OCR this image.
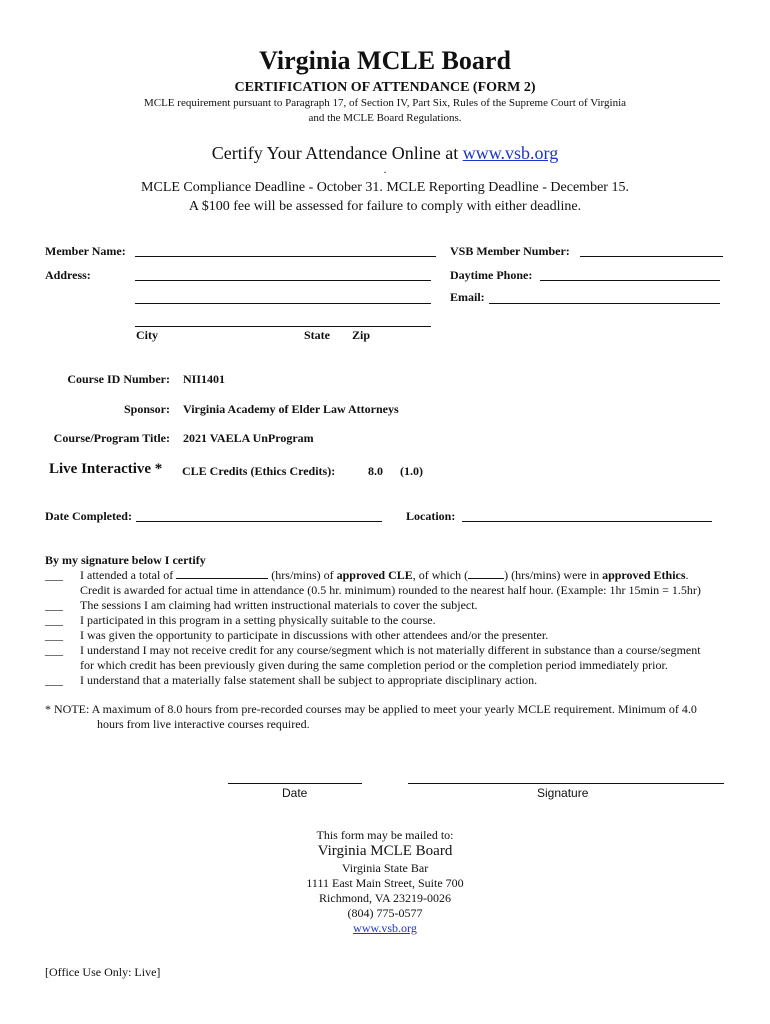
Virginia MCLE Board
CERTIFICATION OF ATTENDANCE (FORM 2)
MCLE requirement pursuant to Paragraph 17, of Section IV, Part Six, Rules of the Supreme Court of Virginia
and the MCLE Board Regulations.
Certify Your Attendance Online at www.vsb.org
.
MCLE Compliance Deadline - October 31. MCLE Reporting Deadline - December 15.
A $100 fee will be assessed for failure to comply with either deadline.
Member Name:	VSB Member Number:
Address:	Daytime Phone:
Email:
City	State Zip
Course ID Number: NII1401
Sponsor: Virginia Academy of Elder Law Attorneys
Course/Program Title: 2021 VAELA UnProgram
Live Interactive * CLE Credits (Ethics Credits):	8.0 (1.0)
Date Completed:	Location:
By my signature below I certify
___ I attended a total of	(hrs/mins) of approved CLE, of which (	) (hrs/mins) were in approved Ethics.
Credit is awarded for actual time in attendance (0.5 hr. minimum) rounded to the nearest half hour. (Example: 1hr 15min = 1.5hr)
___ The sessions I am claiming had written instructional materials to cover the subject.
___ I participated in this program in a setting physically suitable to the course.
___ I was given the opportunity to participate in discussions with other attendees and/or the presenter.
___ I understand I may not receive credit for any course/segment which is not materially different in substance than a course/segment
for which credit has been previously given during the same completion period or the completion period immediately prior.
___ I understand that a materially false statement shall be subject to appropriate disciplinary action.
* NOTE: A maximum of 8.0 hours from pre-recorded courses may be applied to meet your yearly MCLE requirement. Minimum of 4.0
hours from live interactive courses required.
Date	Signature
This form may be mailed to:
Virginia MCLE Board
Virginia State Bar
1111 East Main Street, Suite 700
Richmond, VA 23219-0026
(804) 775-0577
www.vsb.org
[Office Use Only: Live]
